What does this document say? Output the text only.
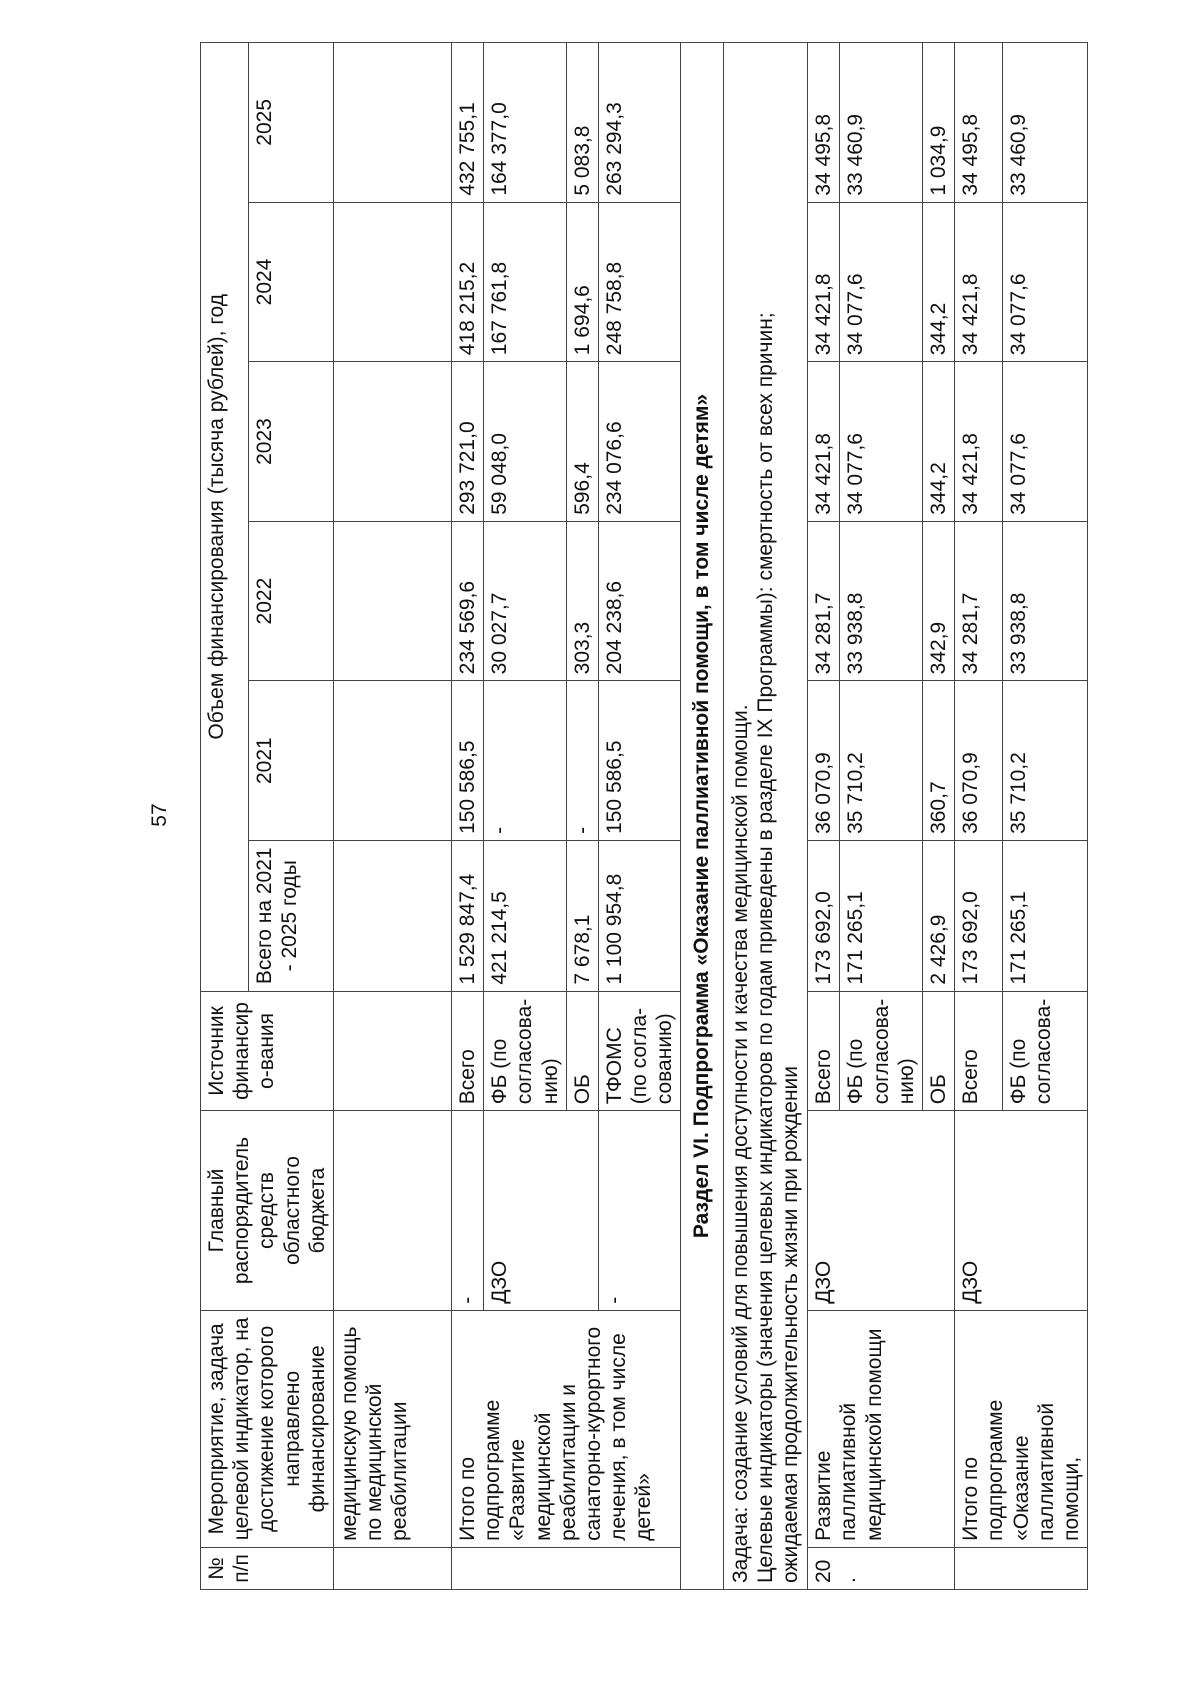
57
№ п/п	Мероприятие, задача целевой индикатор, на достижение которого направлено финансирование	Главный распорядитель средств областного бюджета	Источник финансиро-вания	Объем финансирования (тысяча рублей), год					
				Всего на 2021 - 2025 годы	2021	2022	2023	2024	2025
	медицинскую помощь по медицинской реабилитации								
	Итого по подпрограмме «Развитие медицинской реабилитации и санаторно-курортного лечения, в том числе детей»	-	Всего	1 529 847,4	150 586,5	234 569,6	293 721,0	418 215,2	432 755,1
		ДЗО	ФБ (по согласова-нию)	421 214,5	-	30 027,7	59 048,0	167 761,8	164 377,0
			ОБ	7 678,1	-	303,3	596,4	1 694,6	5 083,8
		-	ТФОМС (по согла-сованию)	1 100 954,8	150 586,5	204 238,6	234 076,6	248 758,8	263 294,3
Раздел VI. Подпрограмма «Оказание паллиативной помощи, в том числе детям»									

Задача: создание условий для повышения доступности и качества медицинской помощи. Целевые индикаторы (значения целевых индикаторов по годам приведены в разделе IX Программы): смертность от всех причин; ожидаемая продолжительность жизни при рождении									

20.	Развитие паллиативной медицинской помощи	ДЗО	Всего	173 692,0	36 070,9	34 281,7	34 421,8	34 421,8	34 495,8
			ФБ (по согласова-нию)	171 265,1	35 710,2	33 938,8	34 077,6	34 077,6	33 460,9
			ОБ	2 426,9	360,7	342,9	344,2	344,2	1 034,9
	Итого по подпрограмме «Оказание паллиативной помощи,	ДЗО	Всего	173 692,0	36 070,9	34 281,7	34 421,8	34 421,8	34 495,8
			ФБ (по согласова-	171 265,1	35 710,2	33 938,8	34 077,6	34 077,6	33 460,9
